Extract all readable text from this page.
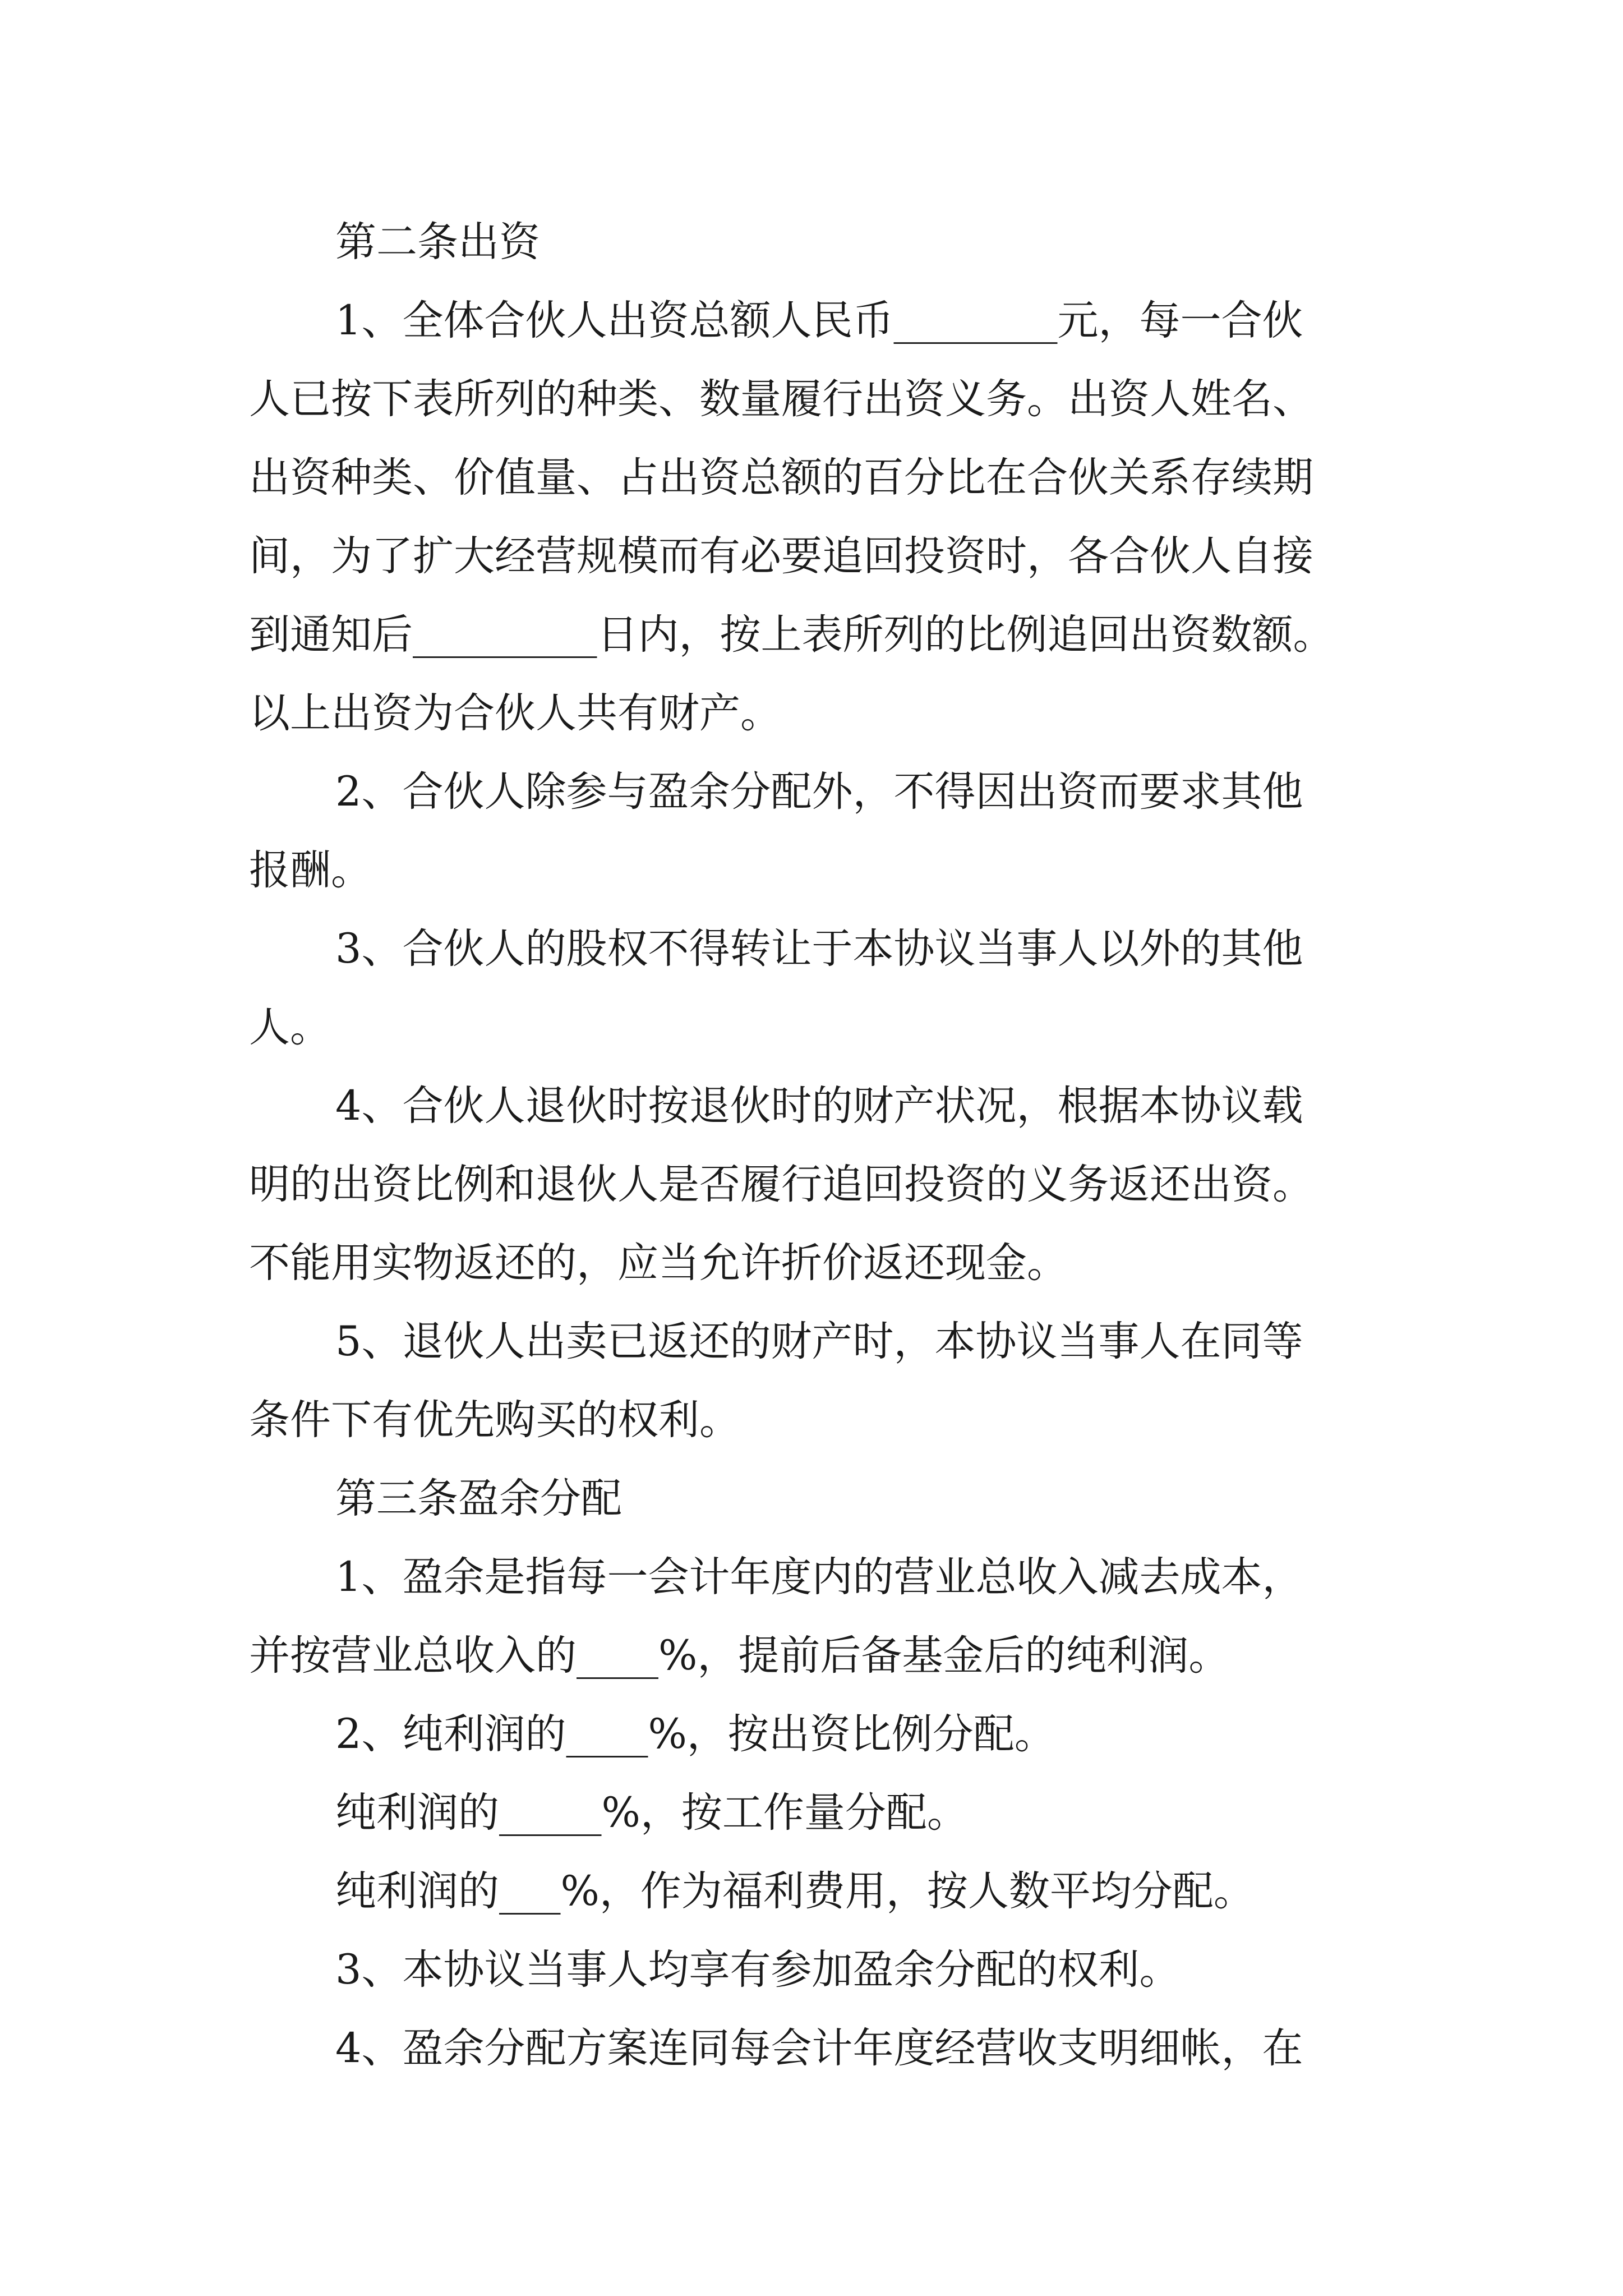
第二条出资

1、全体合伙人出资总额人民币________元，每一合伙

人已按下表所列的种类、数量履行出资义务。出资人姓名、

出资种类、价值量、占出资总额的百分比在合伙关系存续期

间，为了扩大经营规模而有必要追回投资时，各合伙人自接

到通知后_________日内，按上表所列的比例追回出资数额。

以上出资为合伙人共有财产。

2、合伙人除参与盈余分配外，不得因出资而要求其他

报酬。

3、合伙人的股权不得转让于本协议当事人以外的其他

人。

4、合伙人退伙时按退伙时的财产状况，根据本协议载

明的出资比例和退伙人是否履行追回投资的义务返还出资。

不能用实物返还的，应当允许折价返还现金。

5、退伙人出卖已返还的财产时，本协议当事人在同等

条件下有优先购买的权利。

第三条盈余分配

1、盈余是指每一会计年度内的营业总收入减去成本，

并按营业总收入的____%，提前后备基金后的纯利润。

2、纯利润的____%，按出资比例分配。

纯利润的_____%，按工作量分配。

纯利润的___%，作为福利费用，按人数平均分配。

3、本协议当事人均享有参加盈余分配的权利。

4、盈余分配方案连同每会计年度经营收支明细帐，在
